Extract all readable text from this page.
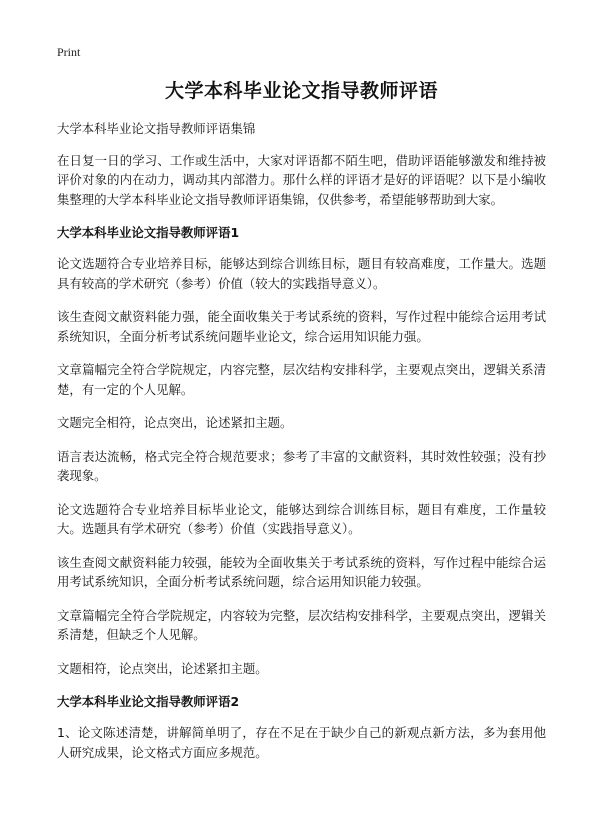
Print
大学本科毕业论文指导教师评语

大学本科毕业论文指导教师评语集锦

在日复一日的学习、工作或生活中，大家对评语都不陌生吧，借助评语能够激发和维持被评价对象的内在动力，调动其内部潜力。那什么样的评语才是好的评语呢？以下是小编收集整理的大学本科毕业论文指导教师评语集锦，仅供参考，希望能够帮助到大家。

大学本科毕业论文指导教师评语1

论文选题符合专业培养目标，能够达到综合训练目标，题目有较高难度，工作量大。选题具有较高的学术研究（参考）价值（较大的实践指导意义）。

该生查阅文献资料能力强，能全面收集关于考试系统的资料，写作过程中能综合运用考试系统知识，全面分析考试系统问题毕业论文，综合运用知识能力强。

文章篇幅完全符合学院规定，内容完整，层次结构安排科学，主要观点突出，逻辑关系清楚，有一定的个人见解。

文题完全相符，论点突出，论述紧扣主题。

语言表达流畅，格式完全符合规范要求；参考了丰富的文献资料，其时效性较强；没有抄袭现象。

论文选题符合专业培养目标毕业论文，能够达到综合训练目标，题目有难度，工作量较大。选题具有学术研究（参考）价值（实践指导意义）。

该生查阅文献资料能力较强，能较为全面收集关于考试系统的资料，写作过程中能综合运用考试系统知识，全面分析考试系统问题，综合运用知识能力较强。

文章篇幅完全符合学院规定，内容较为完整，层次结构安排科学，主要观点突出，逻辑关系清楚，但缺乏个人见解。

文题相符，论点突出，论述紧扣主题。

大学本科毕业论文指导教师评语2

1、论文陈述清楚，讲解简单明了，存在不足在于缺少自己的新观点新方法，多为套用他人研究成果，论文格式方面应多规范。
